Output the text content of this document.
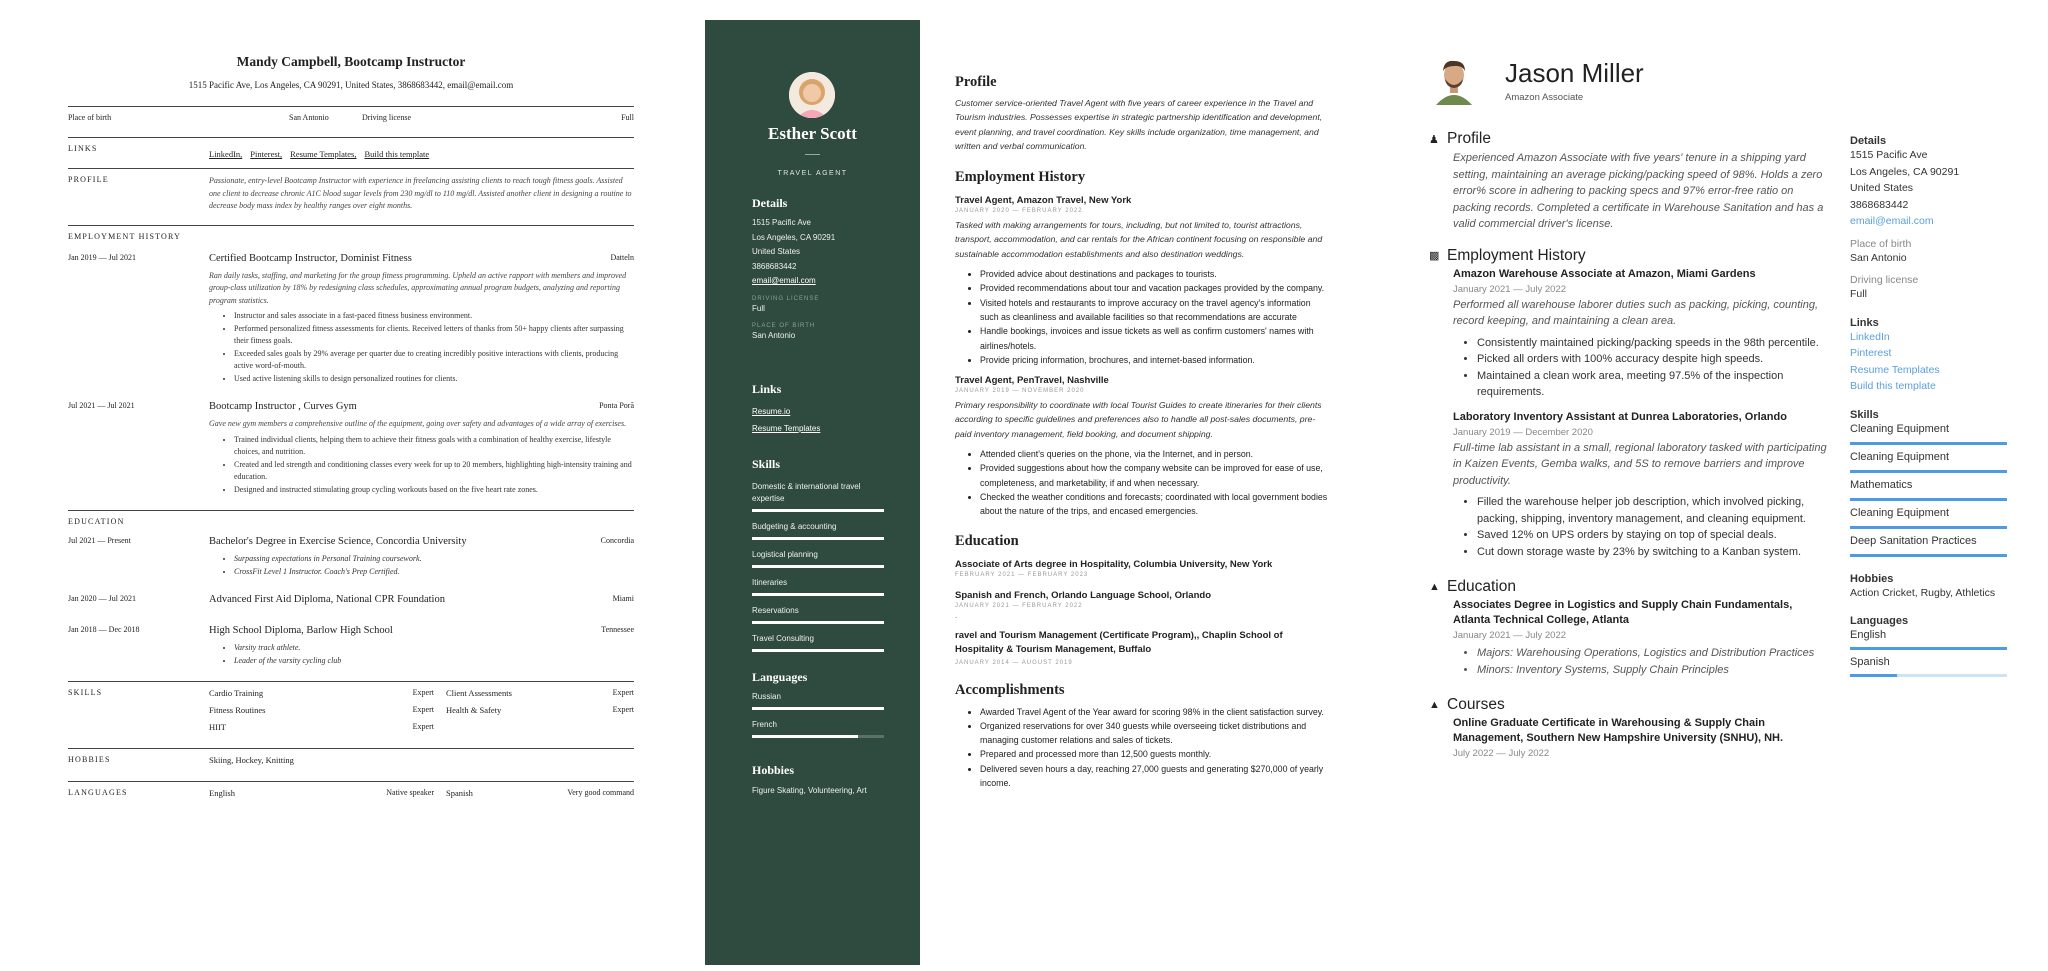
Mandy Campbell, Bootcamp Instructor
1515 Pacific Ave, Los Angeles, CA 90291, United States, 3868683442, email@email.com
Place of birth	San Antonio	Driving license	Full
LINKS
LinkedIn, Pinterest, Resume Templates, Build this template
PROFILE	Passionate, entry-level Bootcamp Instructor with experience in freelancing assisting clients to reach tough fitness goals. Assisted one client to decrease chronic A1C blood sugar levels from 230 mg/dl to 110 mg/dl. Assisted another client in designing a routine to decrease body mass index by healthy ranges over eight months.
EMPLOYMENT HISTORY
Jan 2019 — Jul 2021	Certified Bootcamp Instructor, Dominist Fitness	Datteln
Ran daily tasks, staffing, and marketing for the group fitness programming. Upheld an active rapport with members and improved group-class utilization by 18% by redesigning class schedules, approximating annual program budgets, analyzing and reporting program statistics.
• Instructor and sales associate in a fast-paced fitness business environment.
• Performed personalized fitness assessments for clients. Received letters of thanks from 50+ happy clients after surpassing their fitness goals.
• Exceeded sales goals by 29% average per quarter due to creating incredibly positive interactions with clients, producing active word-of-mouth.
• Used active listening skills to design personalized routines for clients.
Jul 2021 — Jul 2021	Bootcamp Instructor , Curves Gym	Ponta Porã
Gave new gym members a comprehensive outline of the equipment, going over safety and advantages of a wide array of exercises.
• Trained individual clients, helping them to achieve their fitness goals with a combination of healthy exercise, lifestyle choices, and nutrition.
• Created and led strength and conditioning classes every week for up to 20 members, highlighting high-intensity training and education.
• Designed and instructed stimulating group cycling workouts based on the five heart rate zones.
EDUCATION
Jul 2021 — Present	Bachelor's Degree in Exercise Science, Concordia University	Concordia
• Surpassing expectations in Personal Training coursework.
• CrossFit Level 1 Instructor. Coach's Prep Certified.
Jan 2020 — Jul 2021	Advanced First Aid Diploma, National CPR Foundation	Miami
Jan 2018 — Dec 2018	High School Diploma, Barlow High School	Tennessee
• Varsity track athlete.
• Leader of the varsity cycling club
SKILLS	Cardio Training	Expert	Client Assessments	Expert
Fitness Routines	Expert	Health & Safety	Expert
HIIT	Expert
HOBBIES	Skiing, Hockey, Knitting
LANGUAGES	English	Native speaker	Spanish	Very good command
Esther Scott
TRAVEL AGENT
Details
1515 Pacific Ave
Los Angeles, CA 90291
United States
3868683442
email@email.com
DRIVING LICENSE
Full
PLACE OF BIRTH
San Antonio
Links
Resume.io
Resume Templates
Skills
Domestic & international travel expertise
Budgeting & accounting
Logistical planning
Itineraries
Reservations
Travel Consulting
Languages
Russian
French
Hobbies
Figure Skating, Volunteering, Art
Profile
Customer service-oriented Travel Agent with five years of career experience in the Travel and Tourism industries. Possesses expertise in strategic partnership identification and development, event planning, and travel coordination. Key skills include organization, time management, and written and verbal communication.
Employment History
Travel Agent, Amazon Travel, New York
JANUARY 2020 — FEBRUARY 2022
Tasked with making arrangements for tours, including, but not limited to, tourist attractions, transport, accommodation, and car rentals for the African continent focusing on responsible and sustainable accommodation establishments and also destination weddings.
• Provided advice about destinations and packages to tourists.
• Provided recommendations about tour and vacation packages provided by the company.
• Visited hotels and restaurants to improve accuracy on the travel agency's information such as cleanliness and available facilities so that recommendations are accurate
• Handle bookings, invoices and issue tickets as well as confirm customers' names with airlines/hotels.
• Provide pricing information, brochures, and internet-based information.
Travel Agent, PenTravel, Nashville
JANUARY 2019 — NOVEMBER 2020
Primary responsibility to coordinate with local Tourist Guides to create itineraries for their clients according to specific guidelines and preferences also to handle all post-sales documents, pre-paid inventory management, field booking, and document shipping.
• Attended client's queries on the phone, via the Internet, and in person.
• Provided suggestions about how the company website can be improved for ease of use, completeness, and marketability, if and when necessary.
• Checked the weather conditions and forecasts; coordinated with local government bodies about the nature of the trips, and encased emergencies.
Education
Associate of Arts degree in Hospitality, Columbia University, New York
FEBRUARY 2021 — FEBRUARY 2023
Spanish and French, Orlando Language School, Orlando
JANUARY 2021 — FEBRUARY 2022
.
ravel and Tourism Management (Certificate Program),, Chaplin School of Hospitality & Tourism Management, Buffalo
JANUARY 2014 — AUGUST 2019
Accomplishments
• Awarded Travel Agent of the Year award for scoring 98% in the client satisfaction survey.
• Organized reservations for over 340 guests while overseeing ticket distributions and managing customer relations and sales of tickets.
• Prepared and processed more than 12,500 guests monthly.
• Delivered seven hours a day, reaching 27,000 guests and generating $270,000 of yearly income.
Jason Miller
Amazon Associate
♟ Profile
Experienced Amazon Associate with five years' tenure in a shipping yard setting, maintaining an average picking/packing speed of 98%. Holds a zero error% score in adhering to packing specs and 97% error-free ratio on packing records. Completed a certificate in Warehouse Sanitation and has a valid commercial driver's license.
▩ Employment History
Amazon Warehouse Associate at Amazon, Miami Gardens
January 2021 — July 2022
Performed all warehouse laborer duties such as packing, picking, counting, record keeping, and maintaining a clean area.
• Consistently maintained picking/packing speeds in the 98th percentile.
• Picked all orders with 100% accuracy despite high speeds.
• Maintained a clean work area, meeting 97.5% of the inspection requirements.
Laboratory Inventory Assistant at Dunrea Laboratories, Orlando
January 2019 — December 2020
Full-time lab assistant in a small, regional laboratory tasked with participating in Kaizen Events, Gemba walks, and 5S to remove barriers and improve productivity.
• Filled the warehouse helper job description, which involved picking, packing, shipping, inventory management, and cleaning equipment.
• Saved 12% on UPS orders by staying on top of special deals.
• Cut down storage waste by 23% by switching to a Kanban system.
▲ Education
Associates Degree in Logistics and Supply Chain Fundamentals, Atlanta Technical College, Atlanta
January 2021 — July 2022
• Majors: Warehousing Operations, Logistics and Distribution Practices
• Minors: Inventory Systems, Supply Chain Principles
▲ Courses
Online Graduate Certificate in Warehousing & Supply Chain Management, Southern New Hampshire University (SNHU), NH.
July 2022 — July 2022
Details
1515 Pacific Ave
Los Angeles, CA 90291
United States
3868683442
email@email.com
Place of birth
San Antonio
Driving license
Full
Links
LinkedIn
Pinterest
Resume Templates
Build this template
Skills
Cleaning Equipment
Cleaning Equipment
Mathematics
Cleaning Equipment
Deep Sanitation Practices
Hobbies
Action Cricket, Rugby, Athletics
Languages
English
Spanish
